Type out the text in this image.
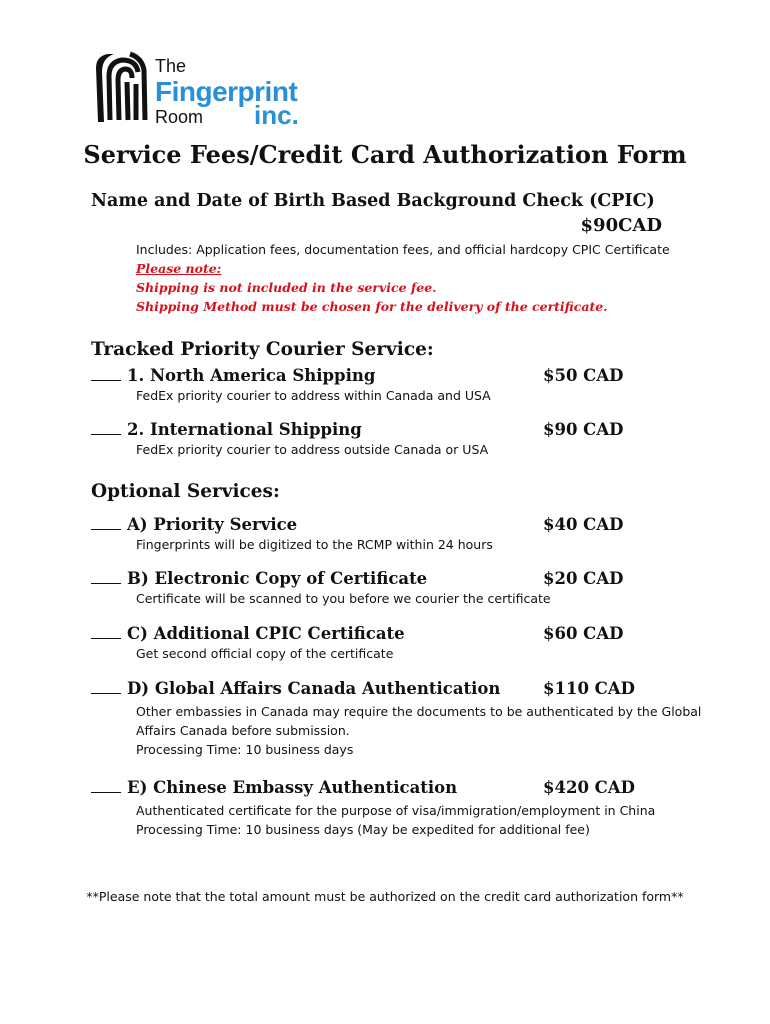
The
Fingerprint
Room inc.
Service Fees/Credit Card Authorization Form
Name and Date of Birth Based Background Check (CPIC)
$90CAD
Includes: Application fees, documentation fees, and official hardcopy CPIC Certificate
Please note:
Shipping is not included in the service fee.
Shipping Method must be chosen for the delivery of the certificate.
Tracked Priority Courier Service:
1. North America Shipping	$50 CAD
FedEx priority courier to address within Canada and USA
2. International Shipping	$90 CAD
FedEx priority courier to address outside Canada or USA
Optional Services:
A) Priority Service	$40 CAD
Fingerprints will be digitized to the RCMP within 24 hours
B) Electronic Copy of Certificate	$20 CAD
Certificate will be scanned to you before we courier the certificate
C) Additional CPIC Certificate	$60 CAD
Get second official copy of the certificate
D) Global Affairs Canada Authentication	$110 CAD
Other embassies in Canada may require the documents to be authenticated by the Global
Affairs Canada before submission.
Processing Time: 10 business days
E) Chinese Embassy Authentication	$420 CAD
Authenticated certificate for the purpose of visa/immigration/employment in China
Processing Time: 10 business days (May be expedited for additional fee)
**Please note that the total amount must be authorized on the credit card authorization form**
